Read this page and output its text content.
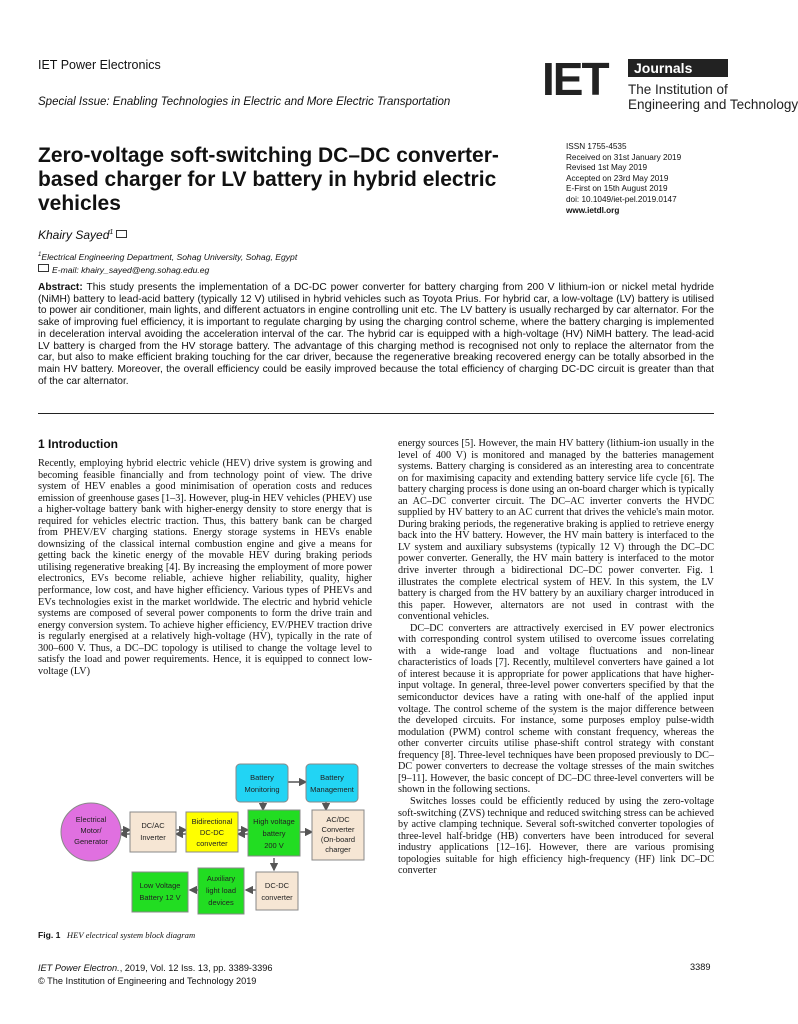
IET Power Electronics
Special Issue: Enabling Technologies in Electric and More Electric Transportation IET	Journals
The Institution of
Engineering and Technology
Zero-voltage soft-switching DC–DC converter-based charger for LV battery in hybrid electric vehicles
ISSN 1755-4535
Received on 31st January 2019
Revised 1st May 2019
Accepted on 23rd May 2019
E-First on 15th August 2019
doi: 10.1049/iet-pel.2019.0147
www.ietdl.org
Khairy Sayed$^1$
$^1$Electrical Engineering Department, Sohag University, Sohag, Egypt
E-mail: khairy_sayed@eng.sohag.edu.eg
Abstract: This study presents the implementation of a DC-DC power converter for battery charging from 200 V lithium-ion or nickel metal hydride (NiMH) battery to lead-acid battery (typically 12 V) utilised in hybrid vehicles such as Toyota Prius. For hybrid car, a low-voltage (LV) battery is utilised to power air conditioner, main lights, and different actuators in engine controlling unit etc. The LV battery is usually recharged by car alternator. For the sake of improving fuel efficiency, it is important to regulate charging by using the charging control scheme, where the battery charging is implemented in deceleration interval avoiding the acceleration interval of the car. The hybrid car is equipped with a high-voltage (HV) NiMH battery. The lead-acid LV battery is charged from the HV storage battery. The advantage of this charging method is recognised not only to replace the alternator from the car, but also to make efficient braking touching for the car driver, because the regenerative breaking recovered energy can be totally absorbed in the main HV battery. Moreover, the overall efficiency could be easily improved because the total efficiency of charging DC-DC circuit is greater than that of the car alternator.
1 Introduction

Recently, employing hybrid electric vehicle (HEV) drive system is growing and becoming feasible financially and from technology point of view. The drive system of HEV enables a good minimisation of operation costs and reduces emission of greenhouse gases [1–3]. However, plug-in HEV vehicles (PHEV) use a higher-voltage battery bank with higher-energy density to store energy that is required for vehicles electric traction. Thus, this battery bank can be charged from PHEV/EV charging stations. Energy storage systems in HEVs enable downsizing of the classical internal combustion engine and give a means for getting back the kinetic energy of the movable HEV during braking periods utilising regenerative breaking [4]. By increasing the employment of more power electronics, EVs become reliable, achieve higher reliability, quality, higher performance, low cost, and have higher efficiency. Various types of PHEVs and EVs technologies exist in the market worldwide. The electric and hybrid vehicle systems are composed of several power components to form the drive train and energy conversion system. To achieve higher efficiency, EV/PHEV traction drive is regularly energised at a relatively high-voltage (HV), typically in the rate of 300–600 V. Thus, a DC–DC topology is utilised to change the voltage level to satisfy the load and power requirements. Hence, it is equipped to connect low-voltage (LV)

energy sources [5]. However, the main HV battery (lithium-ion usually in the level of 400 V) is monitored and managed by the batteries management systems. Battery charging is considered as an interesting area to concentrate on for maximising capacity and extending battery service life cycle [6]. The battery charging process is done using an on-board charger which is typically an AC–DC converter circuit. The DC–AC inverter converts the HVDC supplied by HV battery to an AC current that drives the vehicle's main motor. During braking periods, the regenerative braking is applied to retrieve energy back into the HV battery. However, the HV main battery is interfaced to the LV system and auxiliary subsystems (typically 12 V) through the DC–DC power converter. Generally, the HV main battery is interfaced to the motor drive inverter through a bidirectional DC–DC power converter. Fig. 1 illustrates the complete electrical system of HEV. In this system, the LV battery is charged from the HV battery by an auxiliary charger introduced in this paper. However, alternators are not used in contrast with the conventional vehicles.

DC–DC converters are attractively exercised in EV power electronics with corresponding control system utilised to overcome issues correlating with a wide-range load and voltage fluctuations and non-linear characteristics of loads [7]. Recently, multilevel converters have gained a lot of interest because it is appropriate for power applications that have higher-input voltage. In general, three-level power converters specified by that the semiconductor devices have a rating with one-half of the applied input voltage. The control scheme of the system is the major difference between the developed circuits. For instance, some purposes employ pulse-width modulation (PWM) control scheme with constant frequency, whereas the other converter circuits utilise phase-shift control strategy with constant frequency [8]. Three-level techniques have been proposed previously to DC–DC power converters to decrease the voltage stresses of the main switches [9–11]. However, the basic concept of DC–DC three-level converters will be shown in the following sections.

Switches losses could be efficiently reduced by using the zero-voltage soft-switching (ZVS) technique and reduced switching stress can be achieved by active clamping technique. Several soft-switched converter topologies of three-level half-bridge (HB) converters have been introduced for several industry applications [12–16]. However, there are various promising topologies suitable for high efficiency high-frequency (HF) link DC–DC converter

Electrical
Motor/
Generator
DC/AC
Inverter
Bidirectional
DC-DC
converter
High voltage
battery
200 V
AC/DC
Converter
(On-board
charger
Battery
Monitoring
Battery
Management
Low Voltage
Battery 12 V
Auxiliary
light load
devices
DC-DC
converter
Fig. 1 HEV electrical system block diagram
IET Power Electron., 2019, Vol. 12 Iss. 13, pp. 3389-3396
© The Institution of Engineering and Technology 2019
3389
